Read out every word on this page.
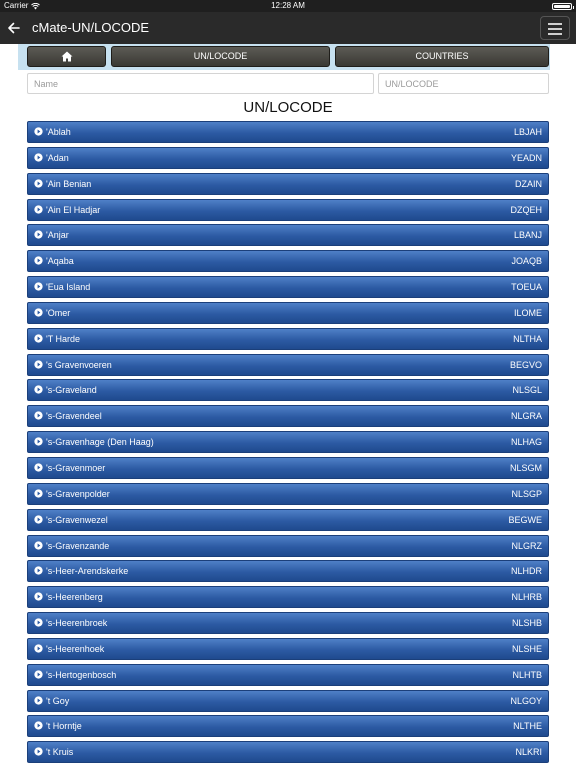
12:28 AM
Carrier
cMate-UN/LOCODE
UN/LOCODE	COUNTRIES
Name
UN/LOCODE
UN/LOCODE
'Ablah	LBJAH
'Adan	YEADN
'Ain Benian	DZAIN
'Ain El Hadjar	DZQEH
'Anjar	LBANJ
'Aqaba	JOAQB
'Eua Island	TOEUA
'Omer	ILOME
'T Harde	NLTHA
's Gravenvoeren	BEGVO
's-Graveland	NLSGL
's-Gravendeel	NLGRA
's-Gravenhage (Den Haag)	NLHAG
's-Gravenmoer	NLSGM
's-Gravenpolder	NLSGP
's-Gravenwezel	BEGWE
's-Gravenzande	NLGRZ
's-Heer-Arendskerke	NLHDR
's-Heerenberg	NLHRB
's-Heerenbroek	NLSHB
's-Heerenhoek	NLSHE
's-Hertogenbosch	NLHTB
't Goy	NLGOY
't Horntje	NLTHE
't Kruis	NLKRI
